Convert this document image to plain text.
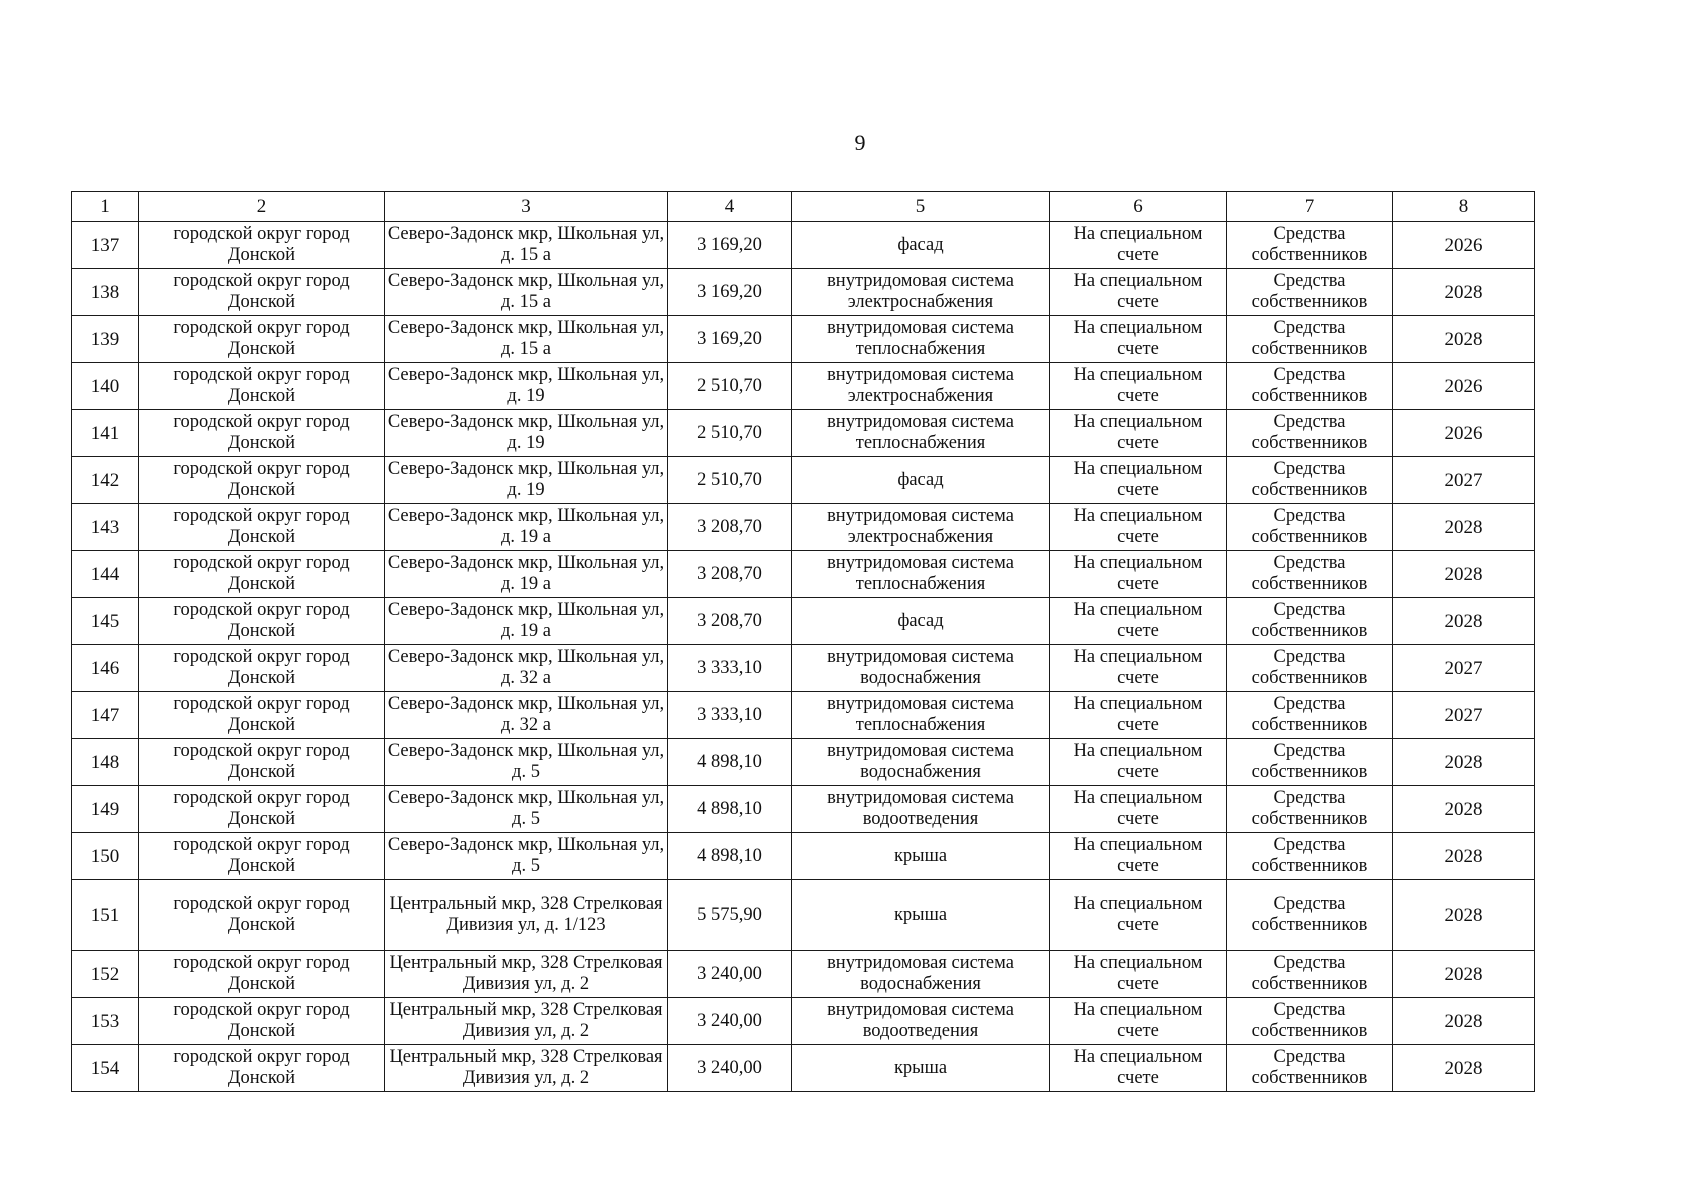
9
1	2	3	4	5	6	7	8
137	городской округ город Донской	Северо-Задонск мкр, Школьная ул, д. 15 а	3 169,20	фасад	На специальном счете	Средства собственников	2026
138	городской округ город Донской	Северо-Задонск мкр, Школьная ул, д. 15 а	3 169,20	внутридомовая система электроснабжения	На специальном счете	Средства собственников	2028
139	городской округ город Донской	Северо-Задонск мкр, Школьная ул, д. 15 а	3 169,20	внутридомовая система теплоснабжения	На специальном счете	Средства собственников	2028
140	городской округ город Донской	Северо-Задонск мкр, Школьная ул, д. 19	2 510,70	внутридомовая система электроснабжения	На специальном счете	Средства собственников	2026
141	городской округ город Донской	Северо-Задонск мкр, Школьная ул, д. 19	2 510,70	внутридомовая система теплоснабжения	На специальном счете	Средства собственников	2026
142	городской округ город Донской	Северо-Задонск мкр, Школьная ул, д. 19	2 510,70	фасад	На специальном счете	Средства собственников	2027
143	городской округ город Донской	Северо-Задонск мкр, Школьная ул, д. 19 а	3 208,70	внутридомовая система электроснабжения	На специальном счете	Средства собственников	2028
144	городской округ город Донской	Северо-Задонск мкр, Школьная ул, д. 19 а	3 208,70	внутридомовая система теплоснабжения	На специальном счете	Средства собственников	2028
145	городской округ город Донской	Северо-Задонск мкр, Школьная ул, д. 19 а	3 208,70	фасад	На специальном счете	Средства собственников	2028
146	городской округ город Донской	Северо-Задонск мкр, Школьная ул, д. 32 а	3 333,10	внутридомовая система водоснабжения	На специальном счете	Средства собственников	2027
147	городской округ город Донской	Северо-Задонск мкр, Школьная ул, д. 32 а	3 333,10	внутридомовая система теплоснабжения	На специальном счете	Средства собственников	2027
148	городской округ город Донской	Северо-Задонск мкр, Школьная ул, д. 5	4 898,10	внутридомовая система водоснабжения	На специальном счете	Средства собственников	2028
149	городской округ город Донской	Северо-Задонск мкр, Школьная ул, д. 5	4 898,10	внутридомовая система водоотведения	На специальном счете	Средства собственников	2028
150	городской округ город Донской	Северо-Задонск мкр, Школьная ул, д. 5	4 898,10	крыша	На специальном счете	Средства собственников	2028
151	городской округ город Донской	Центральный мкр, 328 Стрелковая Дивизия ул, д. 1/123	5 575,90	крыша	На специальном счете	Средства собственников	2028
152	городской округ город Донской	Центральный мкр, 328 Стрелковая Дивизия ул, д. 2	3 240,00	внутридомовая система водоснабжения	На специальном счете	Средства собственников	2028
153	городской округ город Донской	Центральный мкр, 328 Стрелковая Дивизия ул, д. 2	3 240,00	внутридомовая система водоотведения	На специальном счете	Средства собственников	2028
154	городской округ город Донской	Центральный мкр, 328 Стрелковая Дивизия ул, д. 2	3 240,00	крыша	На специальном счете	Средства собственников	2028
